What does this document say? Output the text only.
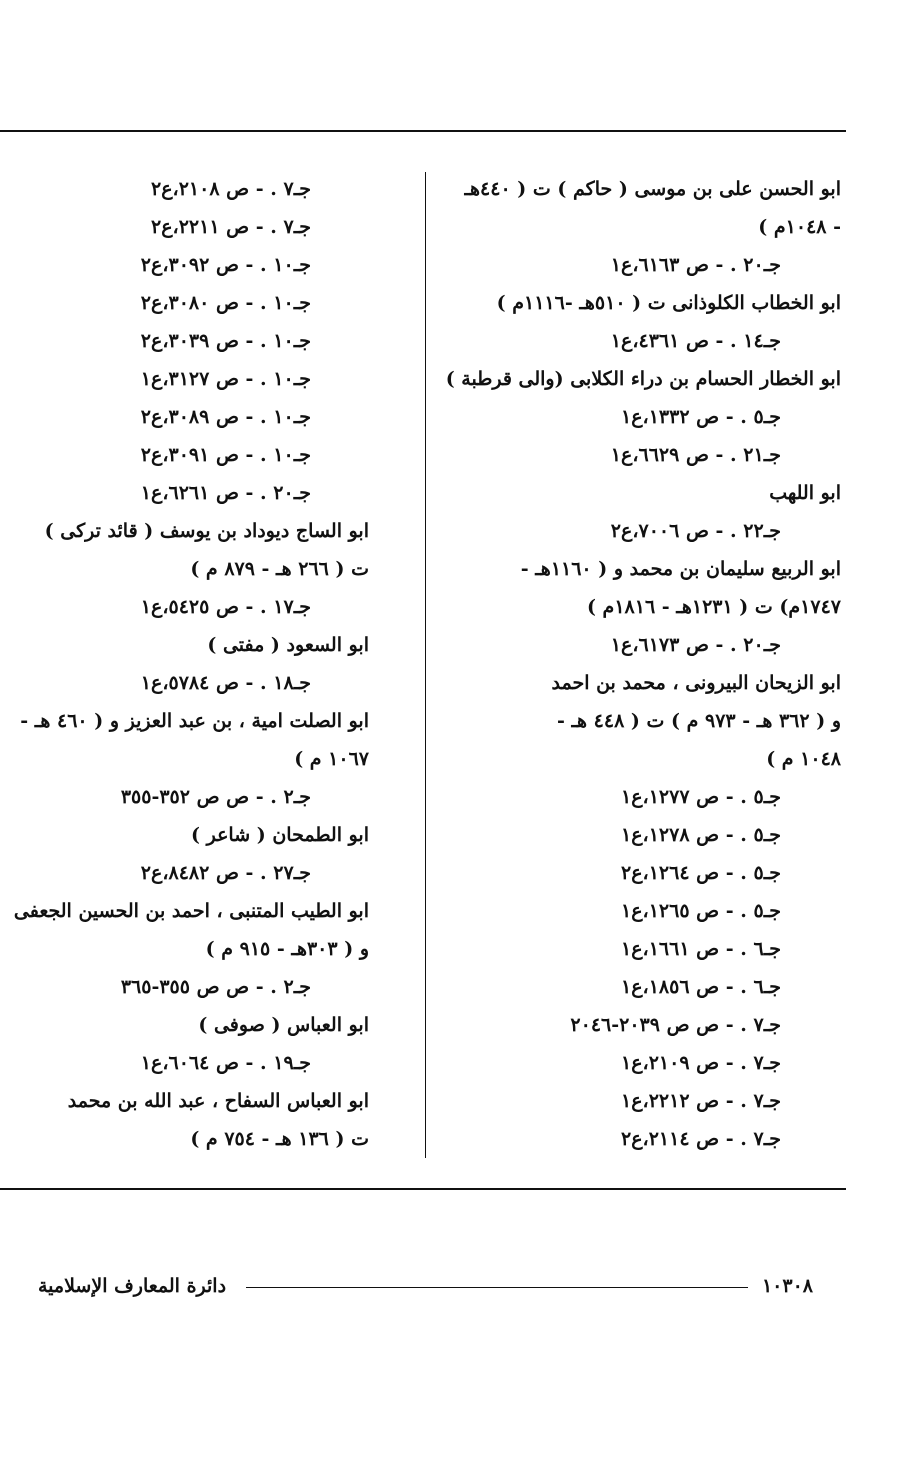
ابو الحسن على بن موسى ( حاكم ) ت ( ٤٤٠هـ
- ١٠٤٨م )
جـ٢٠ . - ص ٦١٦٣،ع١
ابو الخطاب الكلوذانى ت ( ٥١٠هـ -١١١٦م )
جـ١٤ . - ص ٤٣٦١،ع١
ابو الخطار الحسام بن دراء الكلابى (والى قرطبة )
جـ٥ . - ص ١٣٣٢،ع١
جـ٢١ . - ص ٦٦٢٩،ع١
ابو اللهب
جـ٢٢ . - ص ٧٠٠٦،ع٢
ابو الربيع سليمان بن محمد و ( ١١٦٠هـ -
١٧٤٧م) ت ( ١٢٣١هـ - ١٨١٦م )
جـ٢٠ . - ص ٦١٧٣،ع١
ابو الزيحان البيرونى ، محمد بن احمد
و ( ٣٦٢ هـ - ٩٧٣ م ) ت ( ٤٤٨ هـ -
١٠٤٨ م )
جـ٥ . - ص ١٢٧٧،ع١
جـ٥ . - ص ١٢٧٨،ع١
جـ٥ . - ص ١٢٦٤،ع٢
جـ٥ . - ص ١٢٦٥،ع١
جـ٦ . - ص ١٦٦١،ع١
جـ٦ . - ص ١٨٥٦،ع١
جـ٧ . - ص ص ٢٠٣٩-٢٠٤٦
جـ٧ . - ص ٢١٠٩،ع١
جـ٧ . - ص ٢٢١٢،ع١
جـ٧ . - ص ٢١١٤،ع٢
جـ٧ . - ص ٢١٠٨،ع٢
جـ٧ . - ص ٢٢١١،ع٢
جـ١٠ . - ص ٣٠٩٢،ع٢
جـ١٠ . - ص ٣٠٨٠،ع٢
جـ١٠ . - ص ٣٠٣٩،ع٢
جـ١٠ . - ص ٣١٢٧،ع١
جـ١٠ . - ص ٣٠٨٩،ع٢
جـ١٠ . - ص ٣٠٩١،ع٢
جـ٢٠ . - ص ٦٢٦١،ع١
ابو الساج ديوداد بن يوسف ( قائد تركى )
ت ( ٢٦٦ هـ - ٨٧٩ م )
جـ١٧ . - ص ٥٤٢٥،ع١
ابو السعود ( مفتى )
جـ١٨ . - ص ٥٧٨٤،ع١
ابو الصلت امية ، بن عبد العزيز و ( ٤٦٠ هـ -
١٠٦٧ م )
جـ٢ . - ص ص ٣٥٢-٣٥٥
ابو الطمحان ( شاعر )
جـ٢٧ . - ص ٨٤٨٢،ع٢
ابو الطيب المتنبى ، احمد بن الحسين الجعفى
و ( ٣٠٣هـ - ٩١٥ م )
جـ٢ . - ص ص ٣٥٥-٣٦٥
ابو العباس ( صوفى )
جـ١٩ . - ص ٦٠٦٤،ع١
ابو العباس السفاح ، عبد الله بن محمد
ت ( ١٣٦ هـ - ٧٥٤ م )
١٠٣٠٨
دائرة المعارف الإسلامية
